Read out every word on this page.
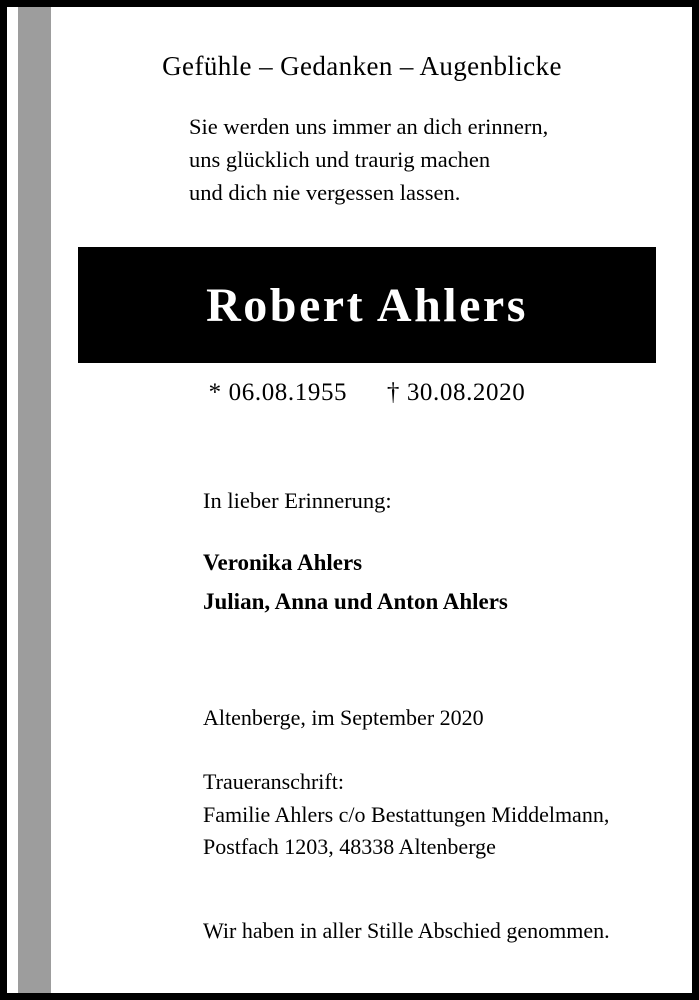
Gefühle – Gedanken – Augenblicke
Sie werden uns immer an dich erinnern,
uns glücklich und traurig machen
und dich nie vergessen lassen.
Robert Ahlers
* 06.08.1955 † 30.08.2020
In lieber Erinnerung:
Veronika Ahlers
Julian, Anna und Anton Ahlers
Altenberge, im September 2020
Traueranschrift:
Familie Ahlers c/o Bestattungen Middelmann,
Postfach 1203, 48338 Altenberge
Wir haben in aller Stille Abschied genommen.
